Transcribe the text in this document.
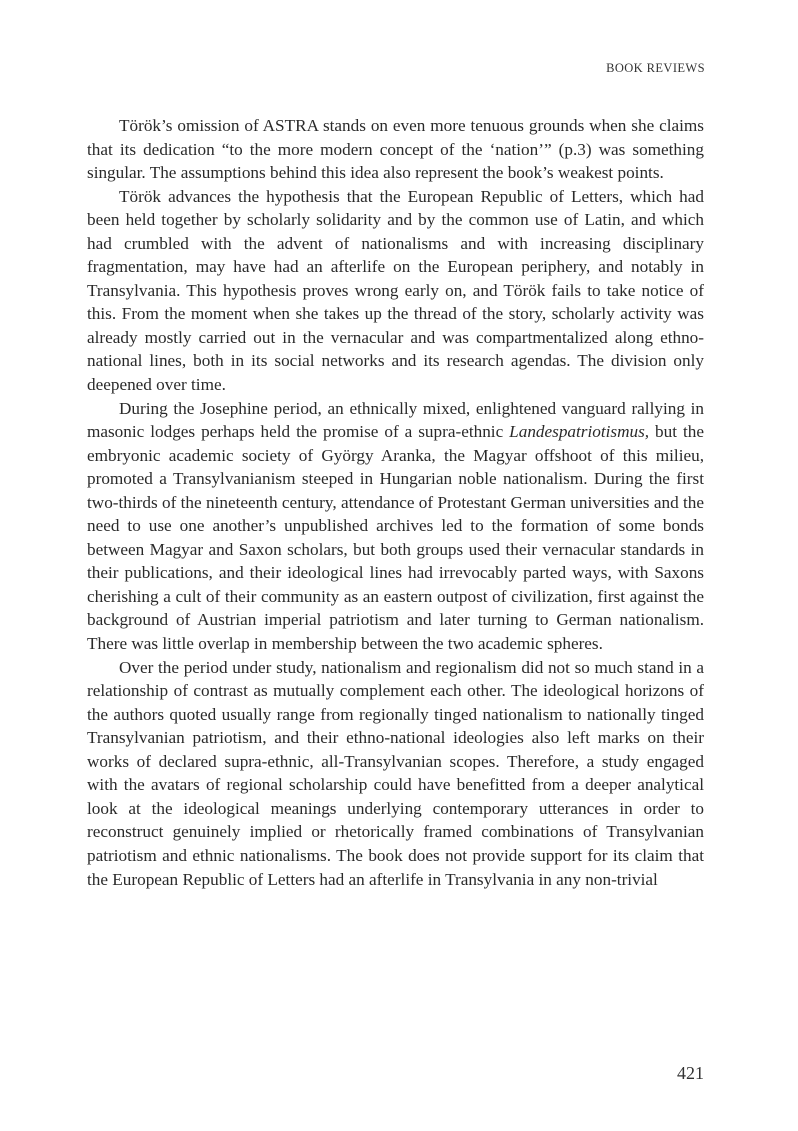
BOOK REVIEWS

Török’s omission of ASTRA stands on even more tenuous grounds when she claims that its dedication “to the more modern concept of the ‘nation’” (p.3) was something singular. The assumptions behind this idea also represent the book’s weakest points.

Török advances the hypothesis that the European Republic of Letters, which had been held together by scholarly solidarity and by the common use of Latin, and which had crumbled with the advent of nationalisms and with increasing disciplinary fragmentation, may have had an afterlife on the European periphery, and notably in Transylvania. This hypothesis proves wrong early on, and Török fails to take notice of this. From the moment when she takes up the thread of the story, scholarly activity was already mostly carried out in the vernacular and was compartmentalized along ethno-national lines, both in its social networks and its research agendas. The division only deepened over time.

During the Josephine period, an ethnically mixed, enlightened vanguard rallying in masonic lodges perhaps held the promise of a supra-ethnic Landespatriotismus, but the embryonic academic society of György Aranka, the Magyar offshoot of this milieu, promoted a Transylvanianism steeped in Hungarian noble nationalism. During the first two-thirds of the nineteenth century, attendance of Protestant German universities and the need to use one another’s unpublished archives led to the formation of some bonds between Magyar and Saxon scholars, but both groups used their vernacular standards in their publications, and their ideological lines had irrevocably parted ways, with Saxons cherishing a cult of their community as an eastern outpost of civilization, first against the background of Austrian imperial patriotism and later turning to German nationalism. There was little overlap in membership between the two academic spheres.

Over the period under study, nationalism and regionalism did not so much stand in a relationship of contrast as mutually complement each other. The ideological horizons of the authors quoted usually range from regionally tinged nationalism to nationally tinged Transylvanian patriotism, and their ethno-national ideologies also left marks on their works of declared supra-ethnic, all-Transylvanian scopes. Therefore, a study engaged with the avatars of regional scholarship could have benefitted from a deeper analytical look at the ideological meanings underlying contemporary utterances in order to reconstruct genuinely implied or rhetorically framed combinations of Transylvanian patriotism and ethnic nationalisms. The book does not provide support for its claim that the European Republic of Letters had an afterlife in Transylvania in any non-trivial

421
